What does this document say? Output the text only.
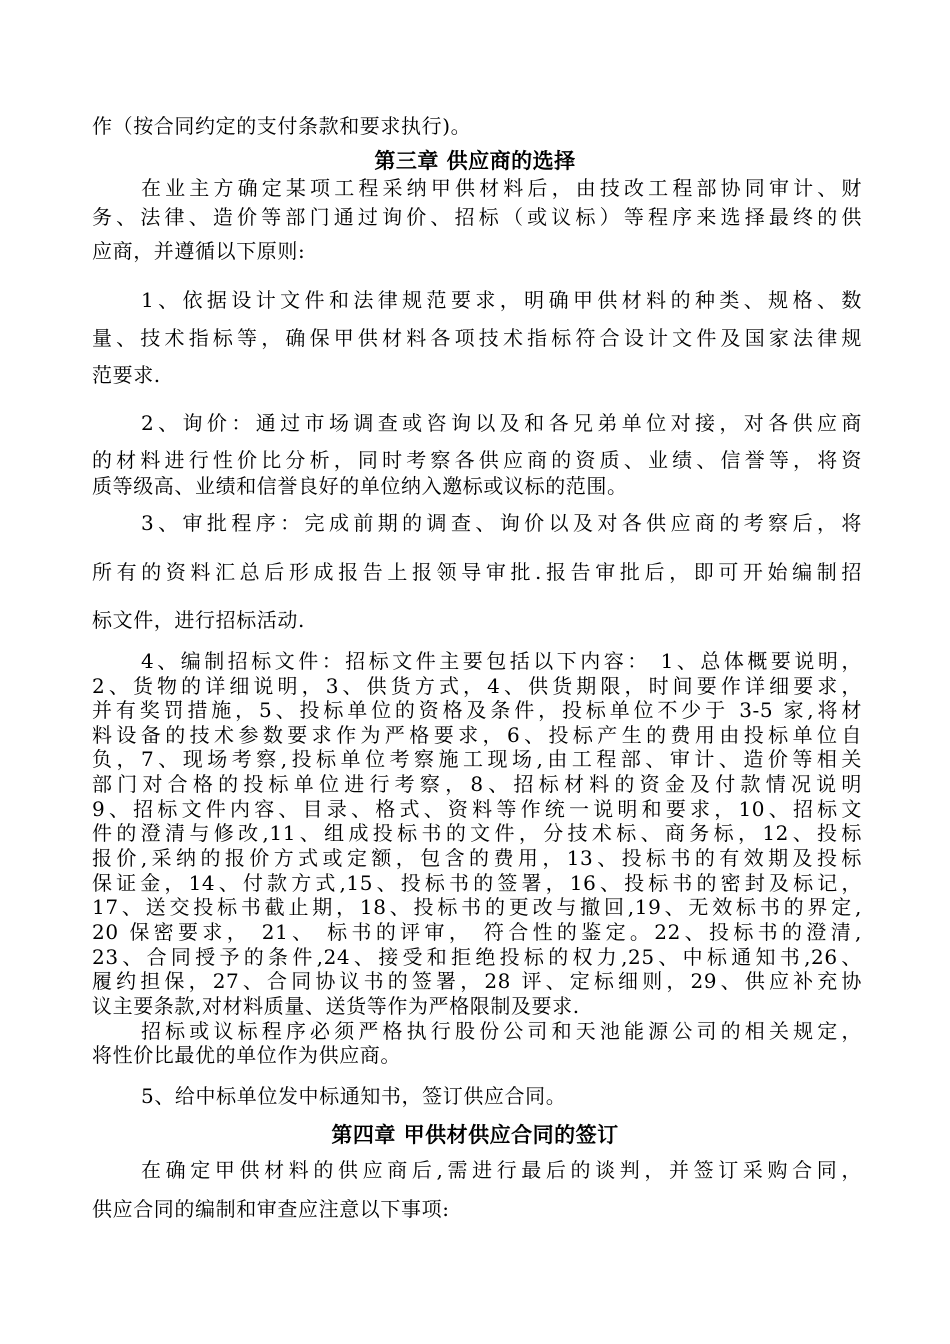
作（按合同约定的支付条款和要求执行)。

第三章 供应商的选择

在业主方确定某项工程采纳甲供材料后，由技改工程部协同审计、财

务、法律、造价等部门通过询价、招标（或议标）等程序来选择最终的供

应商，并遵循以下原则:

1、依据设计文件和法律规范要求，明确甲供材料的种类、规格、数

量、技术指标等，确保甲供材料各项技术指标符合设计文件及国家法律规

范要求.

2、询价：通过市场调查或咨询以及和各兄弟单位对接，对各供应商

的材料进行性价比分析，同时考察各供应商的资质、业绩、信誉等，将资

质等级高、业绩和信誉良好的单位纳入邀标或议标的范围。

3、审批程序：完成前期的调查、询价以及对各供应商的考察后，将

所有的资料汇总后形成报告上报领导审批.报告审批后，即可开始编制招

标文件，进行招标活动.

4、编制招标文件：招标文件主要包括以下内容： 1、总体概要说明，

2、货物的详细说明，3、供货方式，4、供货期限，时间要作详细要求，

并有奖罚措施，5、投标单位的资格及条件，投标单位不少于 3-5 家,将材

料设备的技术参数要求作为严格要求，6、投标产生的费用由投标单位自

负，7、现场考察,投标单位考察施工现场,由工程部、审计、造价等相关

部门对合格的投标单位进行考察，8、招标材料的资金及付款情况说明

9、招标文件内容、目录、格式、资料等作统一说明和要求，10、招标文

件的澄清与修改,11、组成投标书的文件，分技术标、商务标，12、投标

报价,采纳的报价方式或定额，包含的费用，13、投标书的有效期及投标

保证金，14、付款方式,15、投标书的签署，16、投标书的密封及标记，

17、送交投标书截止期，18、投标书的更改与撤回,19、无效标书的界定,

20 保密要求， 21、 标书的评审， 符合性的鉴定。22、投标书的澄清,

23、合同授予的条件,24、接受和拒绝投标的权力,25、中标通知书,26、

履约担保，27、合同协议书的签署，28 评、定标细则，29、供应补充协

议主要条款,对材料质量、送货等作为严格限制及要求.

招标或议标程序必须严格执行股份公司和天池能源公司的相关规定，

将性价比最优的单位作为供应商。

5、给中标单位发中标通知书，签订供应合同。

第四章 甲供材供应合同的签订

在确定甲供材料的供应商后,需进行最后的谈判，并签订采购合同，

供应合同的编制和审查应注意以下事项:
